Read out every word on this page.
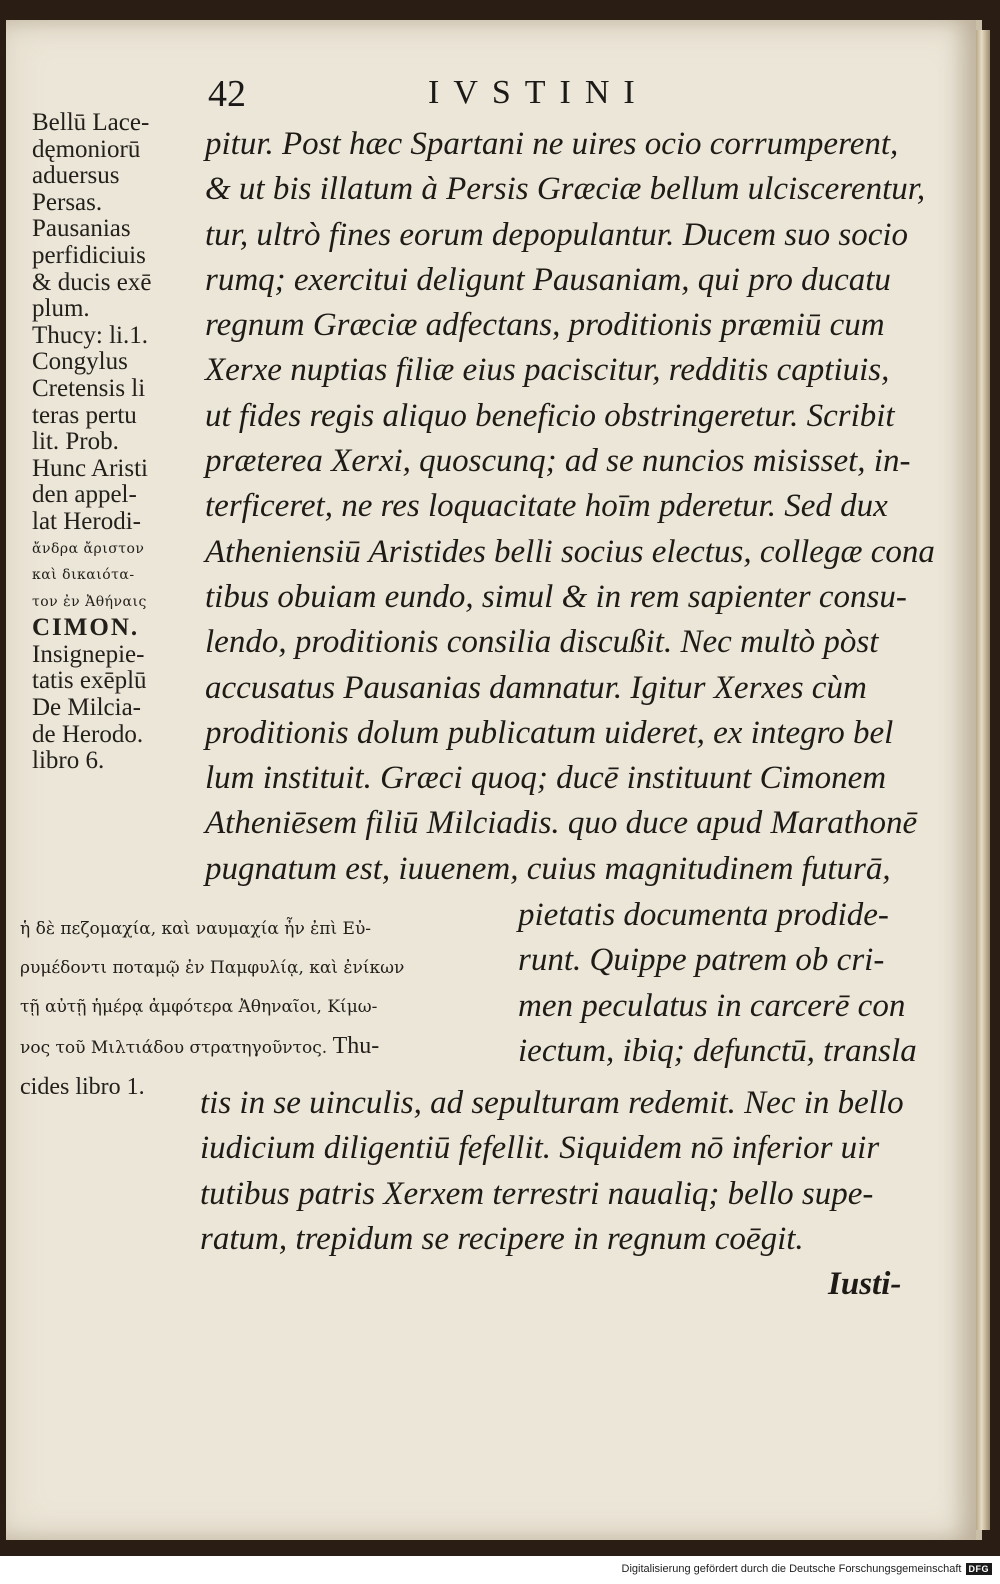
42	IVSTINI
Bellū Lace-
dęmoniorū
aduersus
Persas.
Pausanias
perfidiciuis
& ducis exē
plum.
Thucy: li.1.
Congylus
Cretensis li
teras pertu
lit. Prob.
Hunc Aristi
den appel-
lat Herodi-
ἄνδρα ἄριστον
καὶ δικαιότα-
τον ἐν Ἀθήναις
CIMON.
Insignepie-
tatis exēplū
De Milcia-
de Herodo.
libro 6.
pitur. Post hæc Spartani ne uires ocio corrumperent,
& ut bis illatum à Persis Græciæ bellum ulciscerentur,
tur, ultrò fines eorum depopulantur. Ducem suo socio
rumq; exercitui deligunt Pausaniam, qui pro ducatu
regnum Græciæ adfectans, proditionis præmiū cum
Xerxe nuptias filiæ eius paciscitur, redditis captiuis,
ut fides regis aliquo beneficio obstringeretur. Scribit
præterea Xerxi, quoscunq; ad se nuncios misisset, in-
terficeret, ne res loquacitate hoīm pderetur. Sed dux
Atheniensiū Aristides belli socius electus, collegæ cona
tibus obuiam eundo, simul & in rem sapienter consu-
lendo, proditionis consilia discußit. Nec multò pòst
accusatus Pausanias damnatur. Igitur Xerxes cùm
proditionis dolum publicatum uideret, ex integro bel
lum instituit. Græci quoq; ducē instituunt Cimonem
Atheniēsem filiū Milciadis. quo duce apud Marathonē
pugnatum est, iuuenem, cuius magnitudinem futurā,
ἡ δὲ πεζομαχία, καὶ ναυμαχία ἦν ἐπὶ Εὐ-
ρυμέδοντι ποταμῷ ἐν Παμφυλίᾳ, καὶ ἐνίκων
τῇ αὐτῇ ἡμέρᾳ ἀμφότερα Ἀθηναῖοι, Κίμω-
νος τοῦ Μιλτιάδου στρατηγοῦντος. Thu-
cides libro 1.
pietatis documenta prodide-
runt. Quippe patrem ob cri-
men peculatus in carcerē con
iectum, ibiq; defunctū, transla
tis in se uinculis, ad sepulturam redemit. Nec in bello
iudicium diligentiū fefellit. Siquidem nō inferior uir
tutibus patris Xerxem terrestri naualiq; bello supe-
ratum, trepidum se recipere in regnum coēgit.
Iusti-
Digitalisierung gefördert durch die Deutsche Forschungsgemeinschaft DFG
